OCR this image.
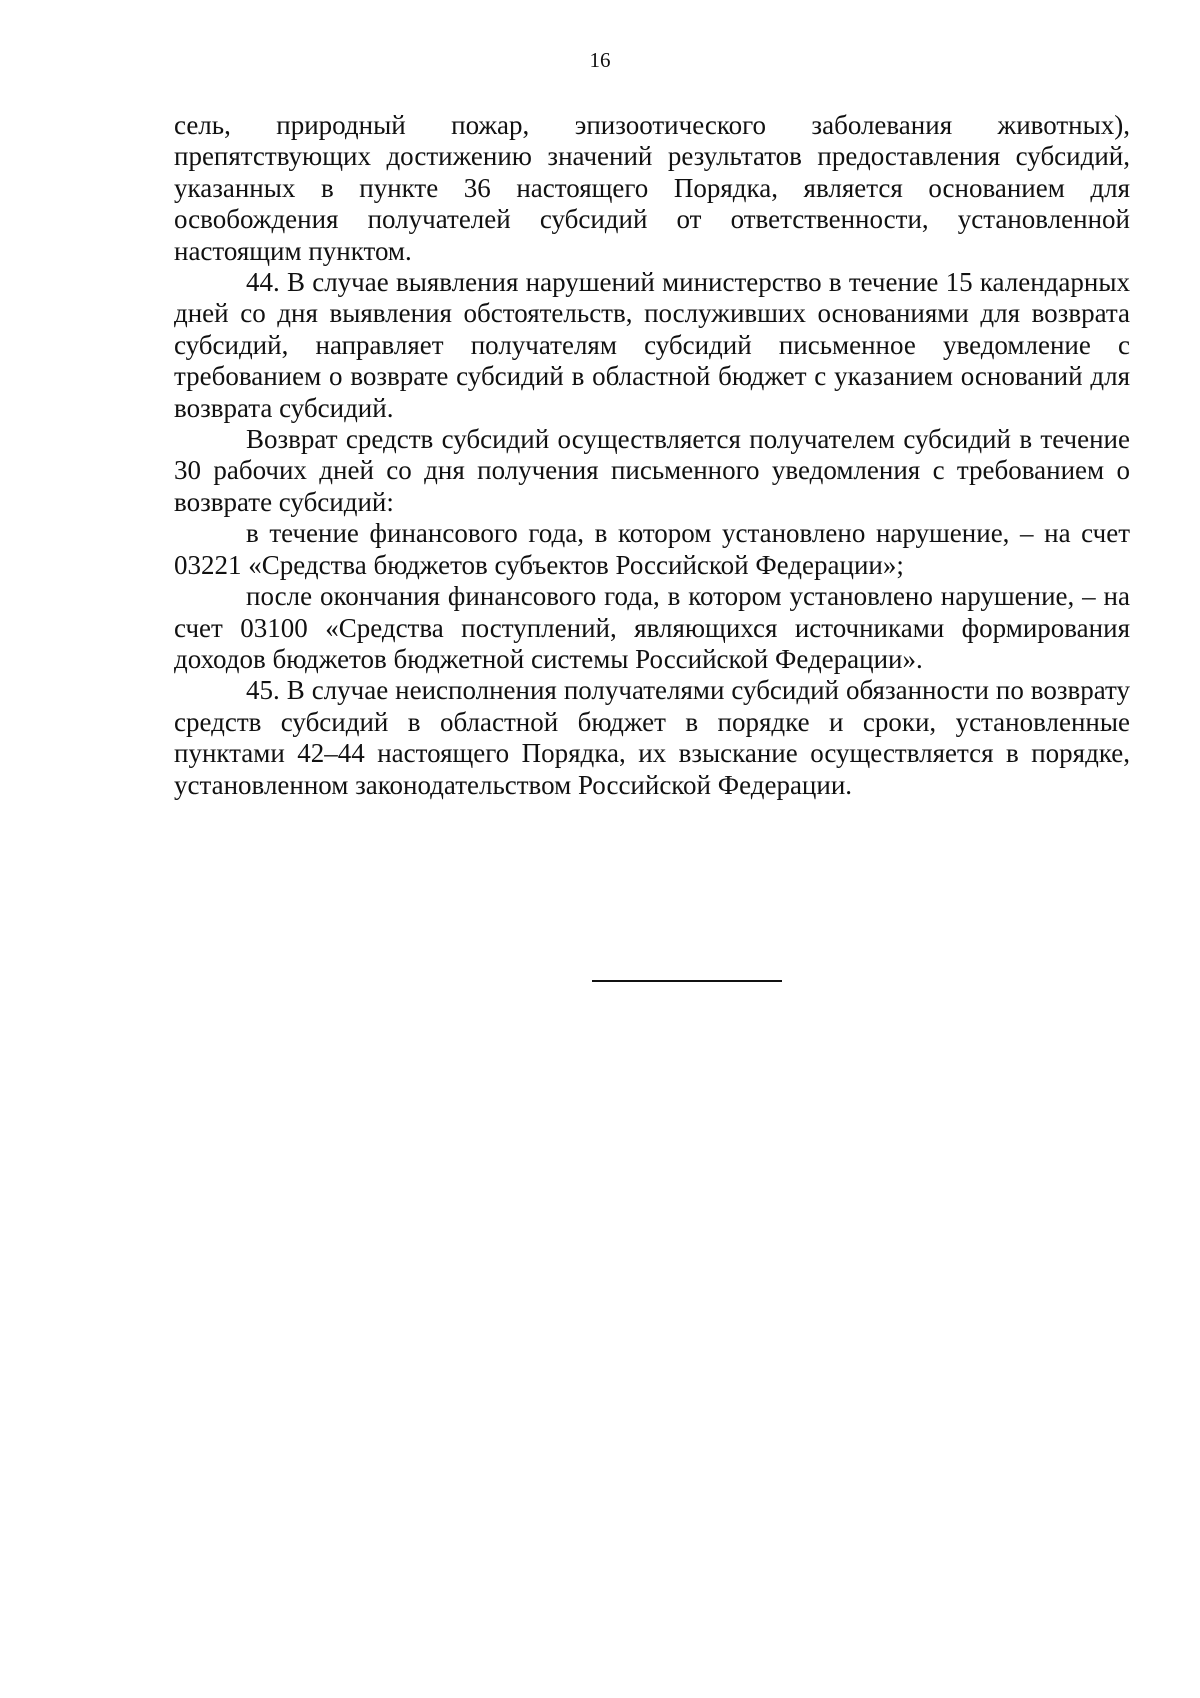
16

сель, природный пожар, эпизоотического заболевания животных), препятствующих достижению значений результатов предоставления субсидий, указанных в пункте 36 настоящего Порядка, является основанием для освобождения получателей субсидий от ответственности, установленной настоящим пунктом.

44. В случае выявления нарушений министерство в течение 15 календарных дней со дня выявления обстоятельств, послуживших основаниями для возврата субсидий, направляет получателям субсидий письменное уведомление с требованием о возврате субсидий в областной бюджет с указанием оснований для возврата субсидий.

Возврат средств субсидий осуществляется получателем субсидий в течение 30 рабочих дней со дня получения письменного уведомления с требованием о возврате субсидий:

в течение финансового года, в котором установлено нарушение, – на счет 03221 «Средства бюджетов субъектов Российской Федерации»;

после окончания финансового года, в котором установлено нарушение, – на счет 03100 «Средства поступлений, являющихся источниками формирования доходов бюджетов бюджетной системы Российской Федерации».

45. В случае неисполнения получателями субсидий обязанности по возврату средств субсидий в областной бюджет в порядке и сроки, установленные пунктами 42–44 настоящего Порядка, их взыскание осуществляется в порядке, установленном законодательством Российской Федерации.
